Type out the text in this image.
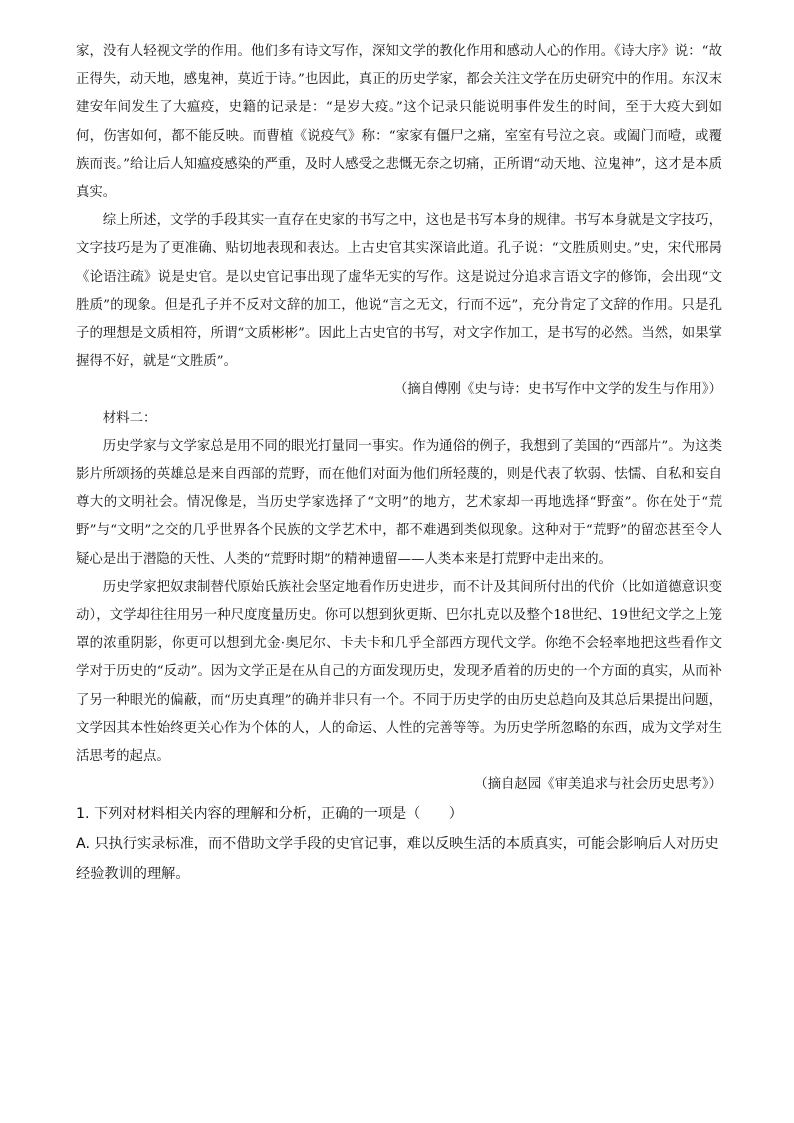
家，没有人轻视文学的作用。他们多有诗文写作，深知文学的教化作用和感动人心的作用。《诗大序》说：“故正得失，动天地，感鬼神，莫近于诗。”也因此，真正的历史学家，都会关注文学在历史研究中的作用。东汉末建安年间发生了大瘟疫，史籍的记录是：“是岁大疫。”这个记录只能说明事件发生的时间，至于大疫大到如何，伤害如何，都不能反映。而曹植《说疫气》称：“家家有僵尸之痛，室室有号泣之哀。或阖门而噎，或覆族而丧。”给让后人知瘟疫感染的严重，及时人感受之悲慨无奈之切痛，正所谓“动天地、泣鬼神”，这才是本质真实。

综上所述，文学的手段其实一直存在史家的书写之中，这也是书写本身的规律。书写本身就是文字技巧，文字技巧是为了更准确、贴切地表现和表达。上古史官其实深谙此道。孔子说：“文胜质则史。”史，宋代邢昺《论语注疏》说是史官。是以史官记事出现了虚华无实的写作。这是说过分追求言语文字的修饰，会出现“文胜质”的现象。但是孔子并不反对文辞的加工，他说“言之无文，行而不远”，充分肯定了文辞的作用。只是孔子的理想是文质相符，所谓“文质彬彬”。因此上古史官的书写，对文字作加工，是书写的必然。当然，如果掌握得不好，就是“文胜质”。

（摘自傅刚《史与诗：史书写作中文学的发生与作用》）

材料二：

历史学家与文学家总是用不同的眼光打量同一事实。作为通俗的例子，我想到了美国的“西部片”。为这类影片所颂扬的英雄总是来自西部的荒野，而在他们对面为他们所轻蔑的，则是代表了软弱、怯懦、自私和妄自尊大的文明社会。情况像是，当历史学家选择了“文明”的地方，艺术家却一再地选择“野蛮”。你在处于“荒野”与“文明”之交的几乎世界各个民族的文学艺术中，都不难遇到类似现象。这种对于“荒野”的留恋甚至令人疑心是出于潜隐的天性、人类的“荒野时期”的精神遗留——人类本来是打荒野中走出来的。

历史学家把奴隶制替代原始氏族社会坚定地看作历史进步，而不计及其间所付出的代价（比如道德意识变动），文学却往往用另一种尺度度量历史。你可以想到狄更斯、巴尔扎克以及整个18世纪、19世纪文学之上笼罩的浓重阴影，你更可以想到尤金·奥尼尔、卡夫卡和几乎全部西方现代文学。你绝不会轻率地把这些看作文学对于历史的“反动”。因为文学正是在从自己的方面发现历史，发现矛盾着的历史的一个方面的真实，从而补了另一种眼光的偏蔽，而“历史真理”的确并非只有一个。不同于历史学的由历史总趋向及其总后果提出问题，文学因其本性始终更关心作为个体的人，人的命运、人性的完善等等。为历史学所忽略的东西，成为文学对生活思考的起点。

（摘自赵园《审美追求与社会历史思考》）

1. 下列对材料相关内容的理解和分析，正确的一项是（　　）

A. 只执行实录标准，而不借助文学手段的史官记事，难以反映生活的本质真实，可能会影响后人对历史经验教训的理解。
